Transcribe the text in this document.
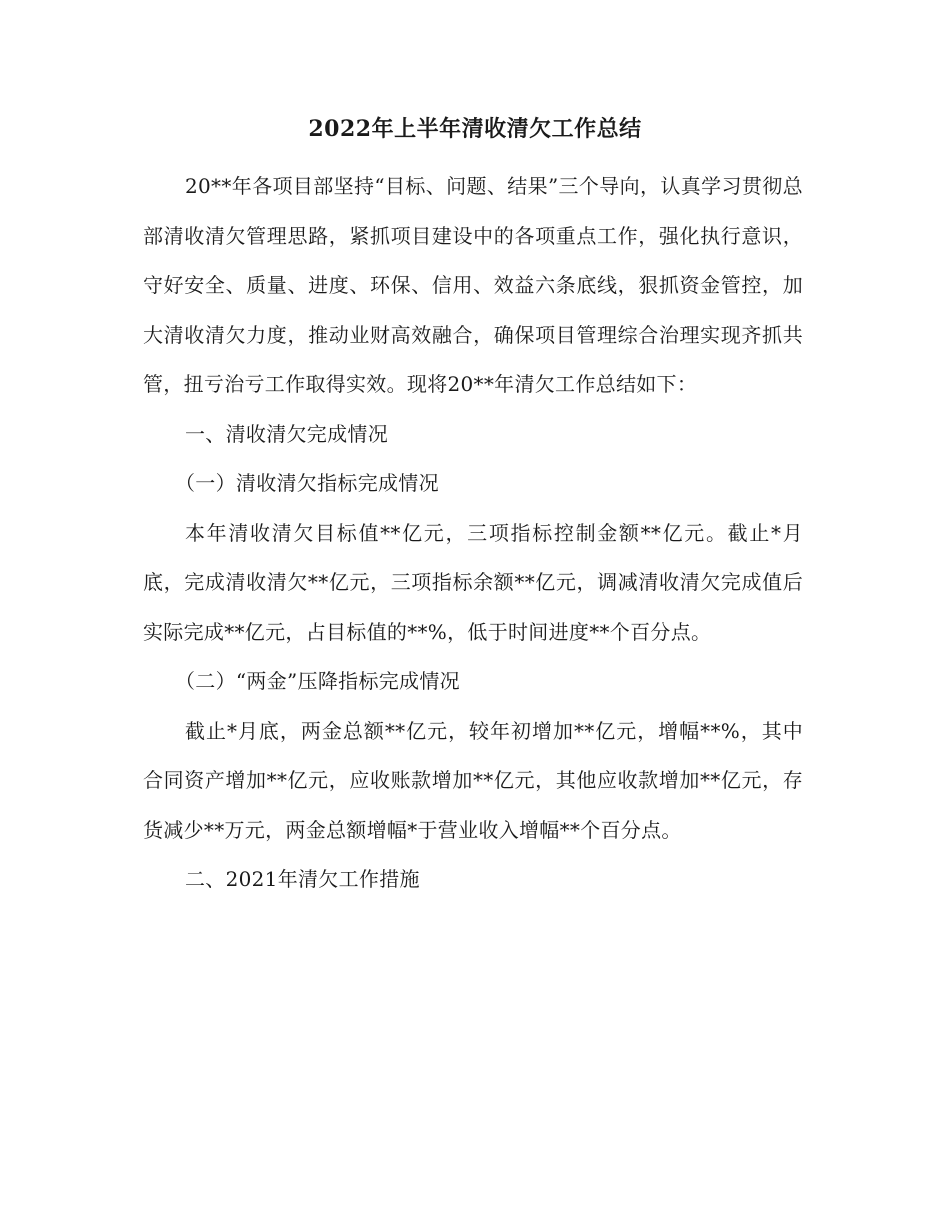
2022年上半年清收清欠工作总结

20**年各项目部坚持“目标、问题、结果”三个导向，认真学习贯彻总部清收清欠管理思路，紧抓项目建设中的各项重点工作，强化执行意识，守好安全、质量、进度、环保、信用、效益六条底线，狠抓资金管控，加大清收清欠力度，推动业财高效融合，确保项目管理综合治理实现齐抓共管，扭亏治亏工作取得实效。现将20**年清欠工作总结如下：

一、清收清欠完成情况

（一）清收清欠指标完成情况

本年清收清欠目标值**亿元，三项指标控制金额**亿元。截止*月底，完成清收清欠**亿元，三项指标余额**亿元，调减清收清欠完成值后实际完成**亿元，占目标值的**%，低于时间进度**个百分点。

（二）“两金”压降指标完成情况

截止*月底，两金总额**亿元，较年初增加**亿元，增幅**%，其中合同资产增加**亿元，应收账款增加**亿元，其他应收款增加**亿元，存货减少**万元，两金总额增幅*于营业收入增幅**个百分点。

二、2021年清欠工作措施
